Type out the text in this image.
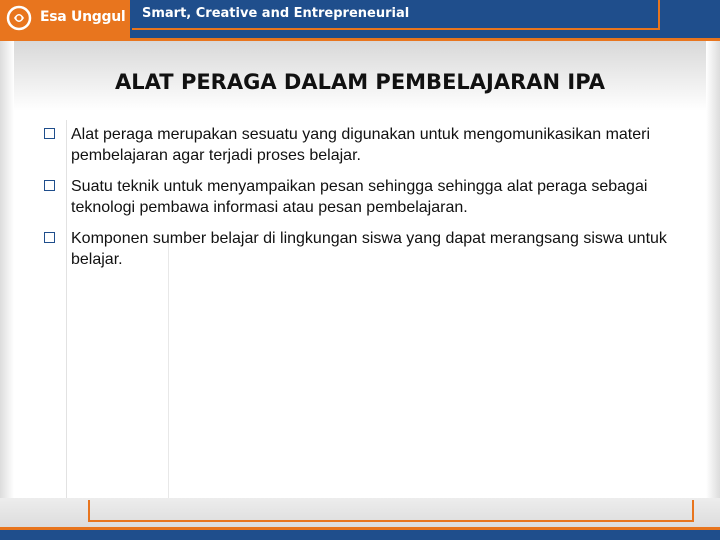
Esa Unggul Smart, Creative and Entrepreneurial
ALAT PERAGA DALAM PEMBELAJARAN IPA
Alat peraga merupakan sesuatu yang digunakan untuk mengomunikasikan materi pembelajaran agar terjadi proses belajar.
Suatu teknik untuk menyampaikan pesan sehingga sehingga alat peraga sebagai teknologi pembawa informasi atau pesan pembelajaran.
Komponen sumber belajar di lingkungan siswa yang dapat merangsang siswa untuk belajar.
